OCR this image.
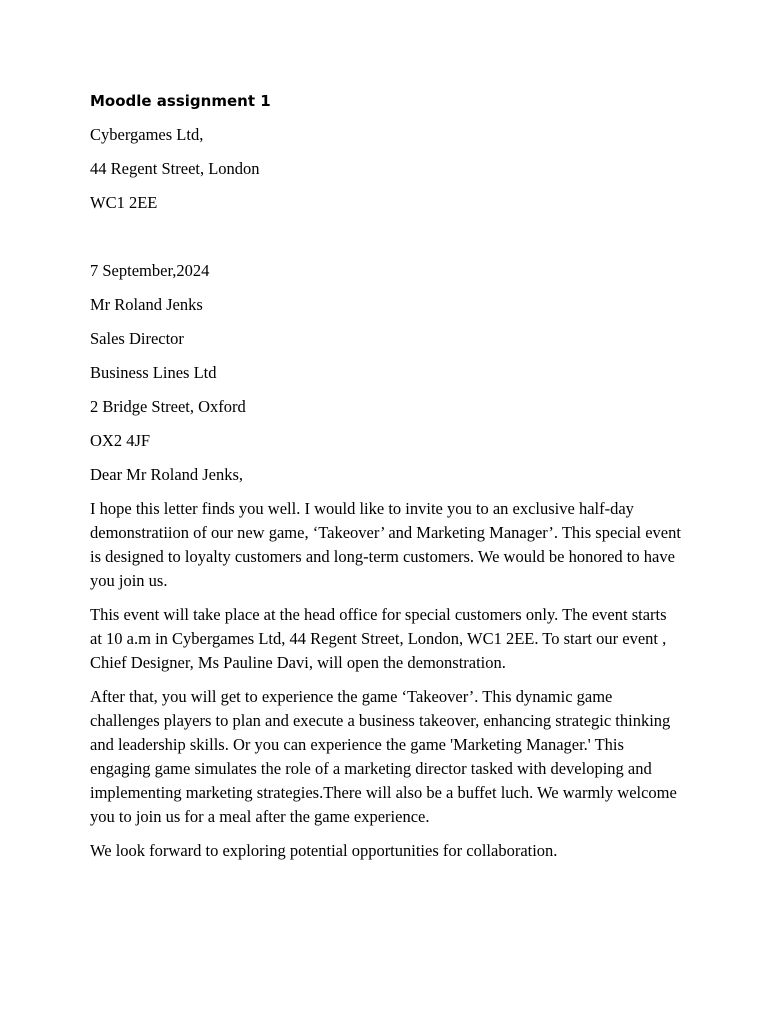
Moodle assignment 1
Cybergames Ltd,
44 Regent Street, London
WC1 2EE
7 September,2024
Mr Roland Jenks
Sales Director
Business Lines Ltd
2 Bridge Street, Oxford
OX2 4JF
Dear Mr Roland Jenks,

I hope this letter finds you well. I would like to invite you to an exclusive half-day demonstratiion of our new game, ‘Takeover’ and Marketing Manager’. This special event is designed to loyalty customers and long-term customers. We would be honored to have you join us.

This event will take place at the head office for special customers only. The event starts at 10 a.m in Cybergames Ltd, 44 Regent Street, London, WC1 2EE. To start our event , Chief Designer, Ms Pauline Davi, will open the demonstration.

After that, you will get to experience the game ‘Takeover’. This dynamic game challenges players to plan and execute a business takeover, enhancing strategic thinking and leadership skills. Or you can experience the game 'Marketing Manager.' This engaging game simulates the role of a marketing director tasked with developing and implementing marketing strategies.There will also be a buffet luch. We warmly welcome you to join us for a meal after the game experience.

We look forward to exploring potential opportunities for collaboration.
